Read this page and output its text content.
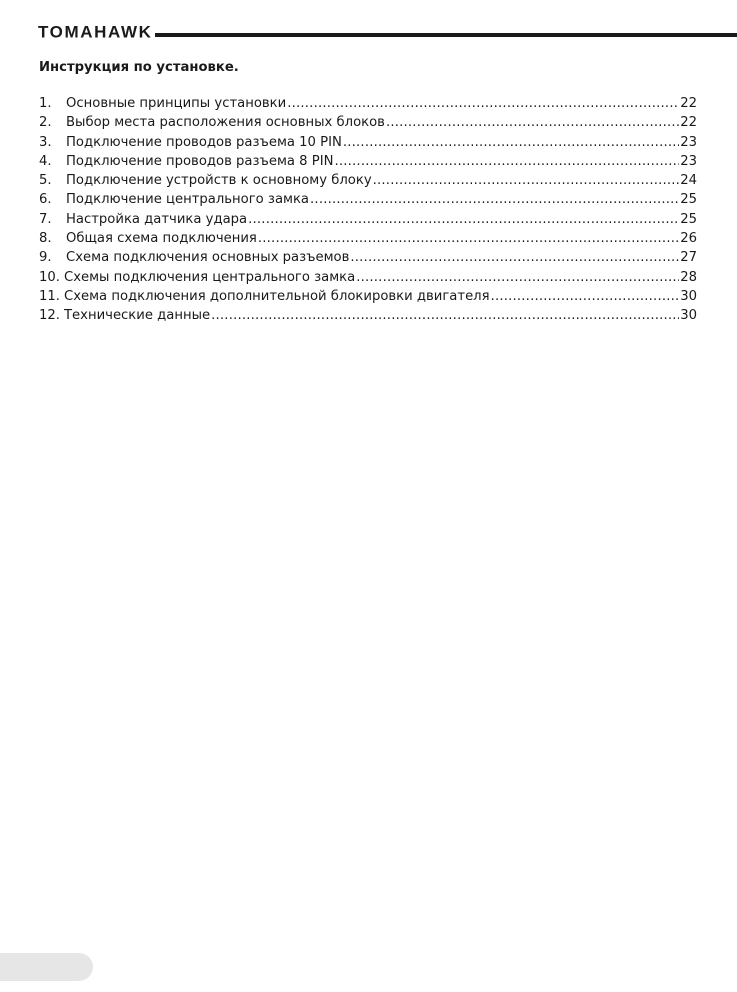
TOMAHAWK
Инструкция по установке.
1.	Основные принципы установки .....	22
2.	Выбор места расположения основных блоков .....	22
3.	Подключение проводов разъема 10 PIN .....	23
4.	Подключение проводов разъема 8 PIN .....	23
5.	Подключение устройств к основному блоку .....	24
6.	Подключение центрального замка .....	25
7.	Настройка датчика удара .....	25
8.	Общая схема подключения .....	26
9.	Схема подключения основных разъемов .....	27
10. Схемы подключения центрального замка .....	28
11. Схема подключения дополнительной блокировки двигателя .....	30
12. Технические данные .....	30
